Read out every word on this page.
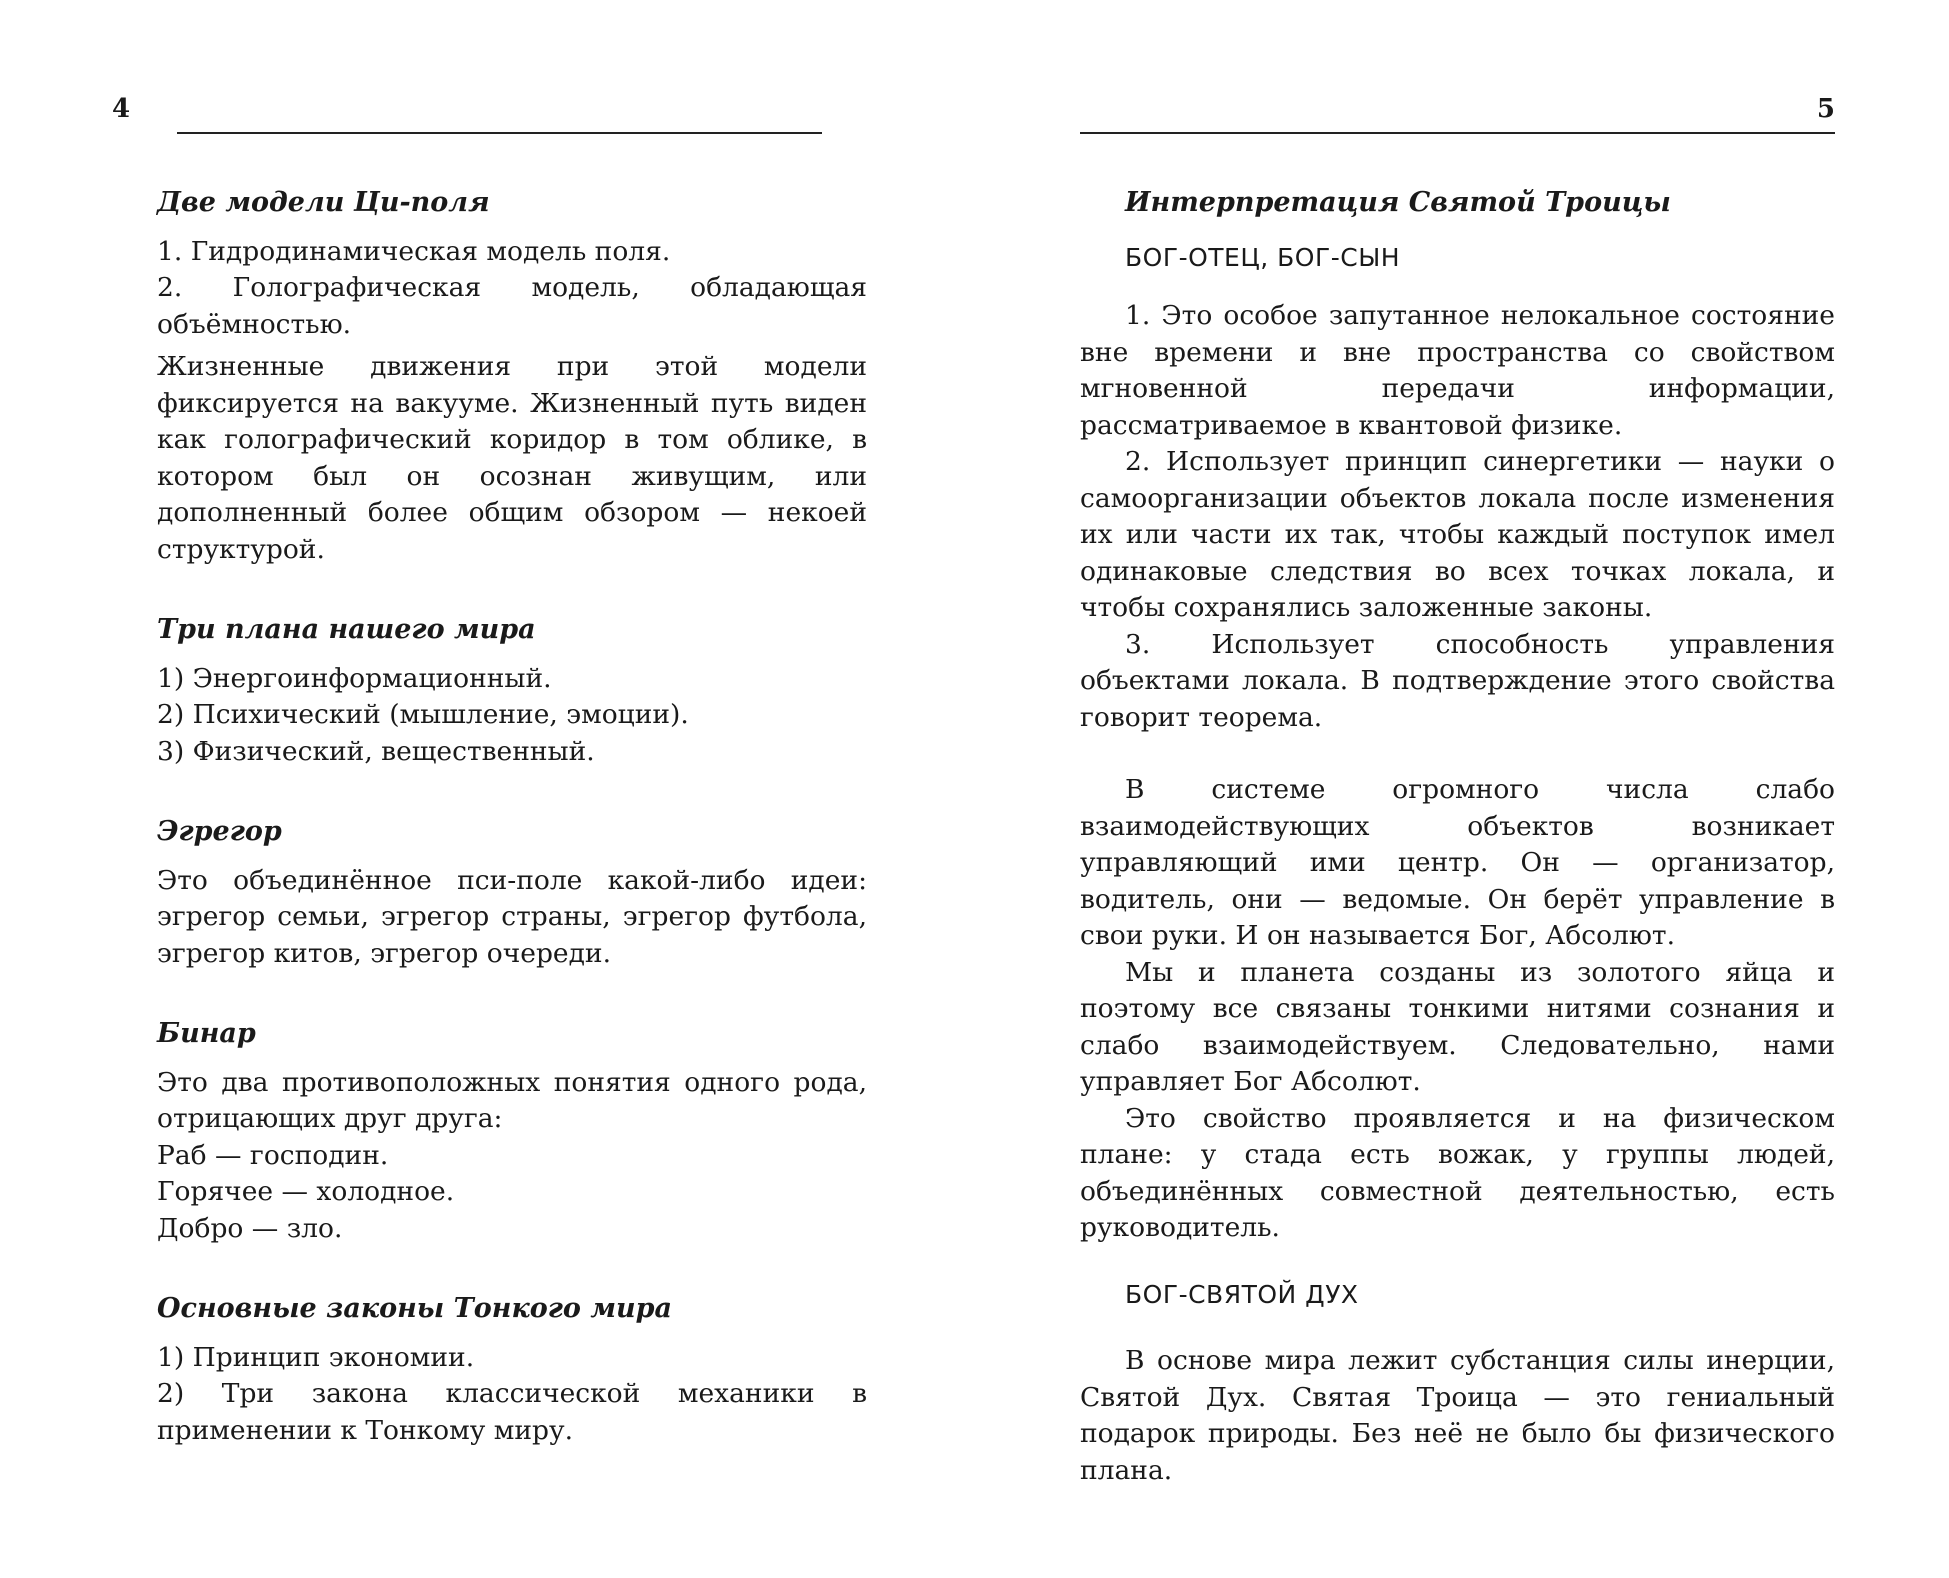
4
Две модели Ци-поля
1. Гидродинамическая модель поля.

2. Голографическая модель, обладающая объёмностью.

Жизненные движения при этой модели фиксируется на вакууме. Жизненный путь виден как голографический коридор в том облике, в котором был он осознан живущим, или дополненный более общим обзором — некоей структурой.

Три плана нашего мира
1) Энергоинформационный.
2) Психический (мышление, эмоции).
3) Физический, вещественный.
Эгрегор

Это объединённое пси-поле какой-либо идеи: эгрегор семьи, эгрегор страны, эгрегор футбола, эгрегор китов, эгрегор очереди.

Бинар

Это два противоположных понятия одного рода, отрицающих друг друга:

Раб — господин.
Горячее — холодное.
Добро — зло.
Основные законы Тонкого мира
1) Принцип экономии.

2) Три закона классической механики в применении к Тонкому миру.

5
Интерпретация Святой Троицы
БОГ-ОТЕЦ, БОГ-СЫН

1. Это особое запутанное нелокальное состояние вне времени и вне пространства со свойством мгновенной передачи информации, рассматриваемое в квантовой физике.

2. Использует принцип синергетики — науки о самоорганизации объектов локала после изменения их или части их так, чтобы каждый поступок имел одинаковые следствия во всех точках локала, и чтобы сохранялись заложенные законы.

3. Использует способность управления объектами локала. В подтверждение этого свойства говорит теорема.

В системе огромного числа слабо взаимодействующих объектов возникает управляющий ими центр. Он — организатор, водитель, они — ведомые. Он берёт управление в свои руки. И он называется Бог, Абсолют.

Мы и планета созданы из золотого яйца и поэтому все связаны тонкими нитями сознания и слабо взаимодействуем. Следовательно, нами управляет Бог Абсолют.

Это свойство проявляется и на физическом плане: у стада есть вожак, у группы людей, объединённых совместной деятельностью, есть руководитель.

БОГ-СВЯТОЙ ДУХ

В основе мира лежит субстанция силы инерции, Святой Дух. Святая Троица — это гениальный подарок природы. Без неё не было бы физического плана.
